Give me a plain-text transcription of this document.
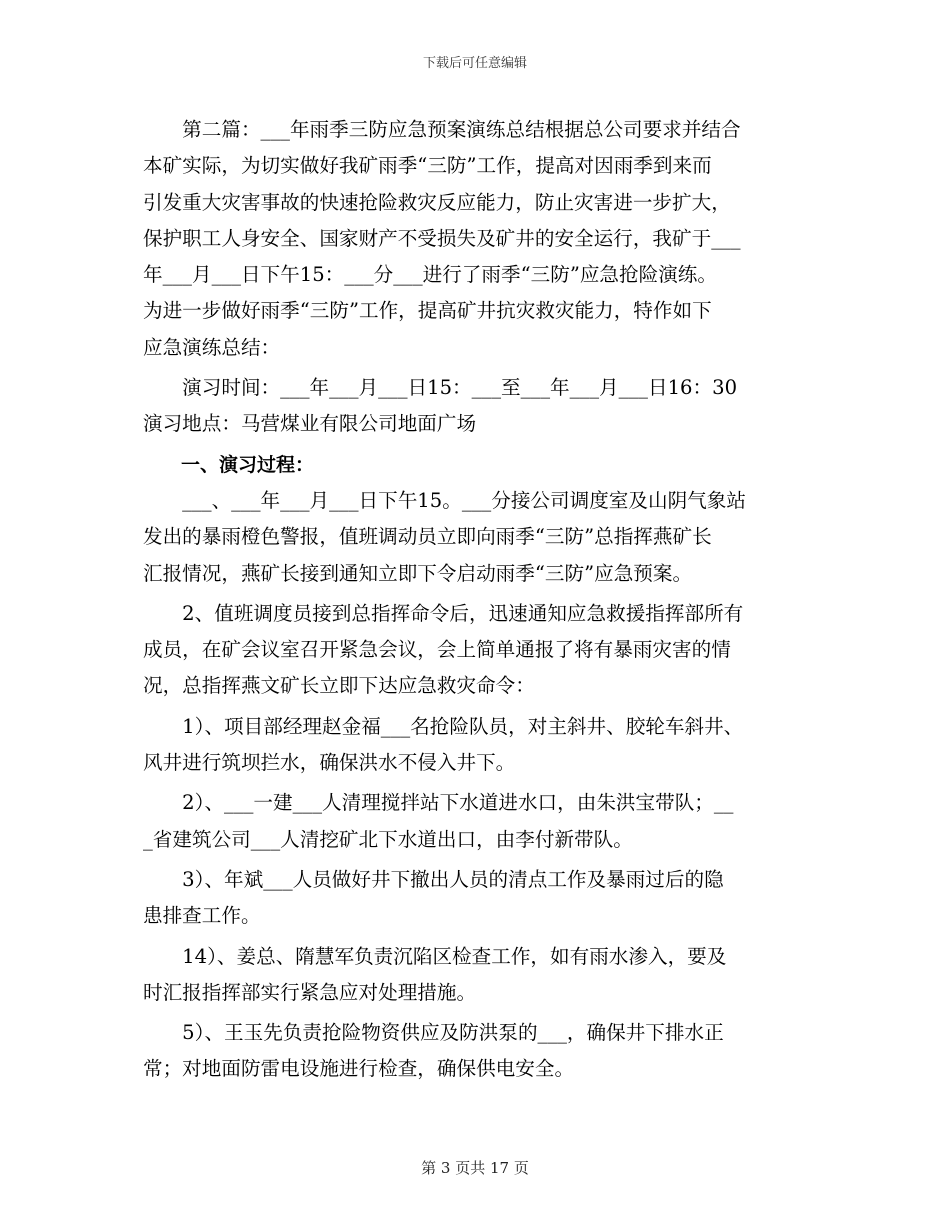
下载后可任意编辑

　　第二篇：___年雨季三防应急预案演练总结根据总公司要求并结合

本矿实际，为切实做好我矿雨季“三防”工作，提高对因雨季到来而

引发重大灾害事故的快速抢险救灾反应能力，防止灾害进一步扩大，

保护职工人身安全、国家财产不受损失及矿井的安全运行，我矿于___

年___月___日下午15：___分___进行了雨季“三防”应急抢险演练。

为进一步做好雨季“三防”工作，提高矿井抗灾救灾能力，特作如下

应急演练总结：

　　演习时间：___年___月___日15：___至___年___月___日16：30

演习地点：马营煤业有限公司地面广场

　　一、演习过程：

　　___、___年___月___日下午15。___分接公司调度室及山阴气象站

发出的暴雨橙色警报，值班调动员立即向雨季“三防”总指挥燕矿长

汇报情况，燕矿长接到通知立即下令启动雨季“三防”应急预案。

　　2、值班调度员接到总指挥命令后，迅速通知应急救援指挥部所有

成员，在矿会议室召开紧急会议，会上简单通报了将有暴雨灾害的情

况，总指挥燕文矿长立即下达应急救灾命令：

　　1）、项目部经理赵金福___名抢险队员，对主斜井、胶轮车斜井、

风井进行筑坝拦水，确保洪水不侵入井下。

　　2）、___一建___人清理搅拌站下水道进水口，由朱洪宝带队；__

_省建筑公司___人清挖矿北下水道出口，由李付新带队。

　　3）、年斌___人员做好井下撤出人员的清点工作及暴雨过后的隐

患排查工作。

　　14）、姜总、隋慧军负责沉陷区检查工作，如有雨水渗入，要及

时汇报指挥部实行紧急应对处理措施。

　　5）、王玉先负责抢险物资供应及防洪泵的___，确保井下排水正

常；对地面防雷电设施进行检查，确保供电安全。

第 3 页共 17 页
